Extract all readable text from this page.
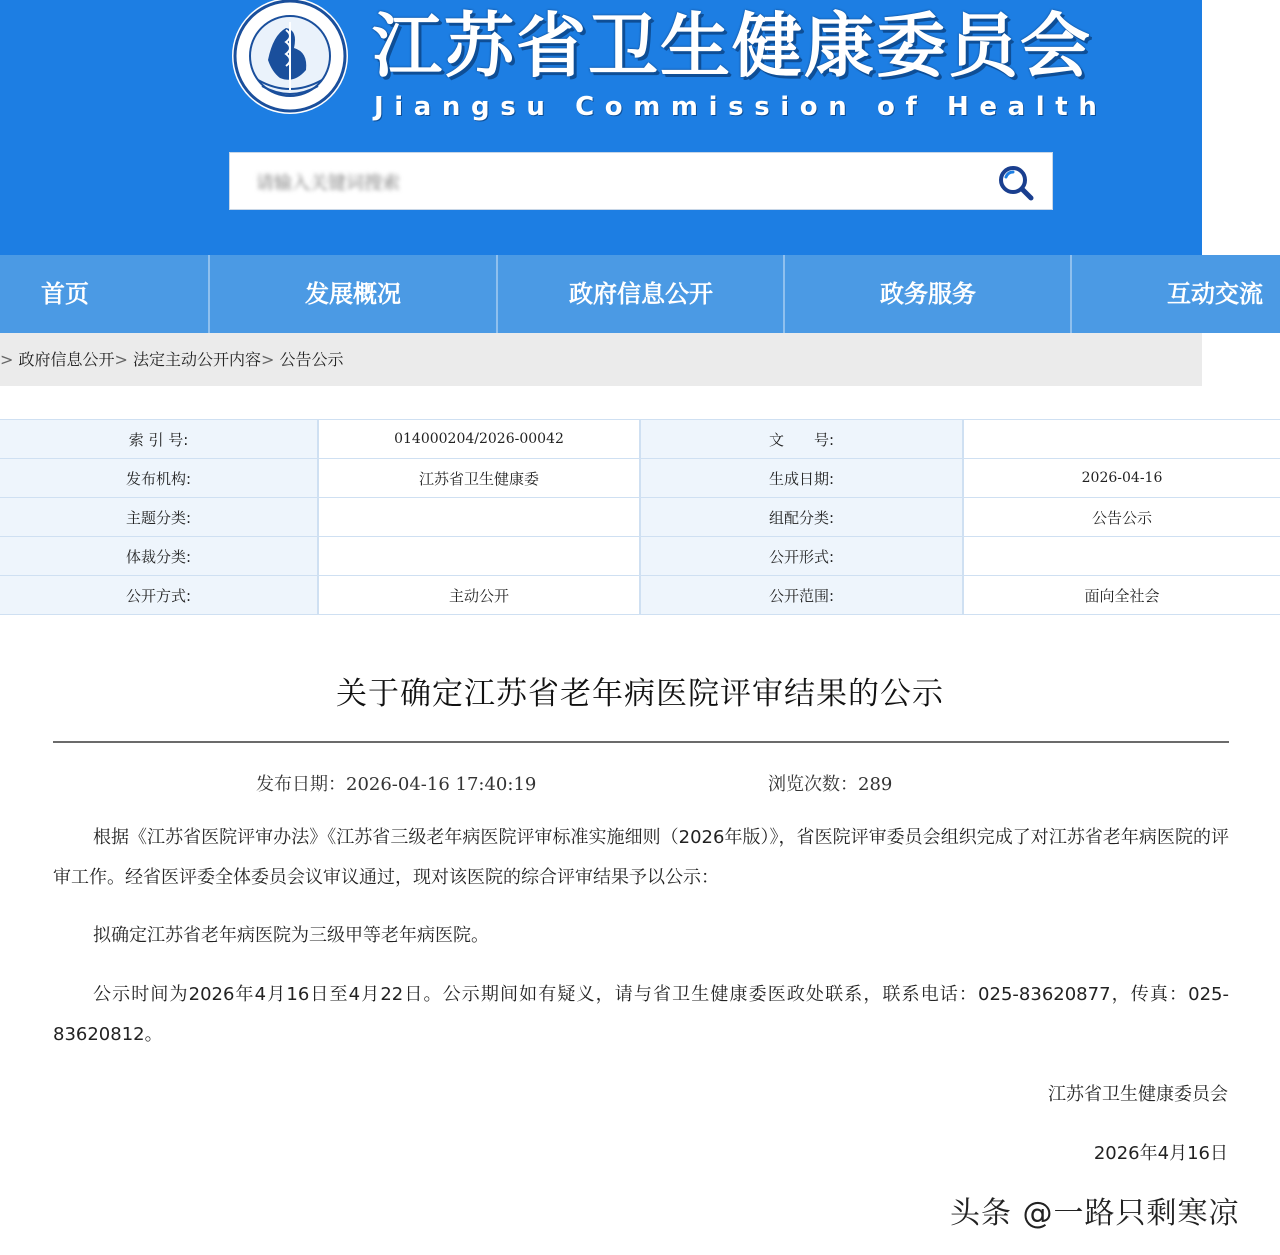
江苏省卫生健康委员会
Jiangsu Commission of Health
请输入关键词搜索
首页	发展概况	政府信息公开	政务服务	互动交流
> 政府信息公开> 法定主动公开内容> 公告公示
索 引 号:	014000204/2026-00042	文　　号:	
发布机构:	江苏省卫生健康委	生成日期:	2026-04-16
主题分类:		组配分类:	公告公示
体裁分类:		公开形式:	
公开方式:	主动公开	公开范围:	面向全社会
关于确定江苏省老年病医院评审结果的公示
发布日期：2026-04-16 17:40:19	浏览次数：289

根据《江苏省医院评审办法》《江苏省三级老年病医院评审标准实施细则（2026年版）》，省医院评审委员会组织完成了对江苏省老年病医院的评审工作。经省医评委全体委员会议审议通过，现对该医院的综合评审结果予以公示：

拟确定江苏省老年病医院为三级甲等老年病医院。

公示时间为2026年4月16日至4月22日。公示期间如有疑义，请与省卫生健康委医政处联系，联系电话：025-83620877，传真：025-83620812。

江苏省卫生健康委员会
2026年4月16日
头条 @一路只剩寒凉
